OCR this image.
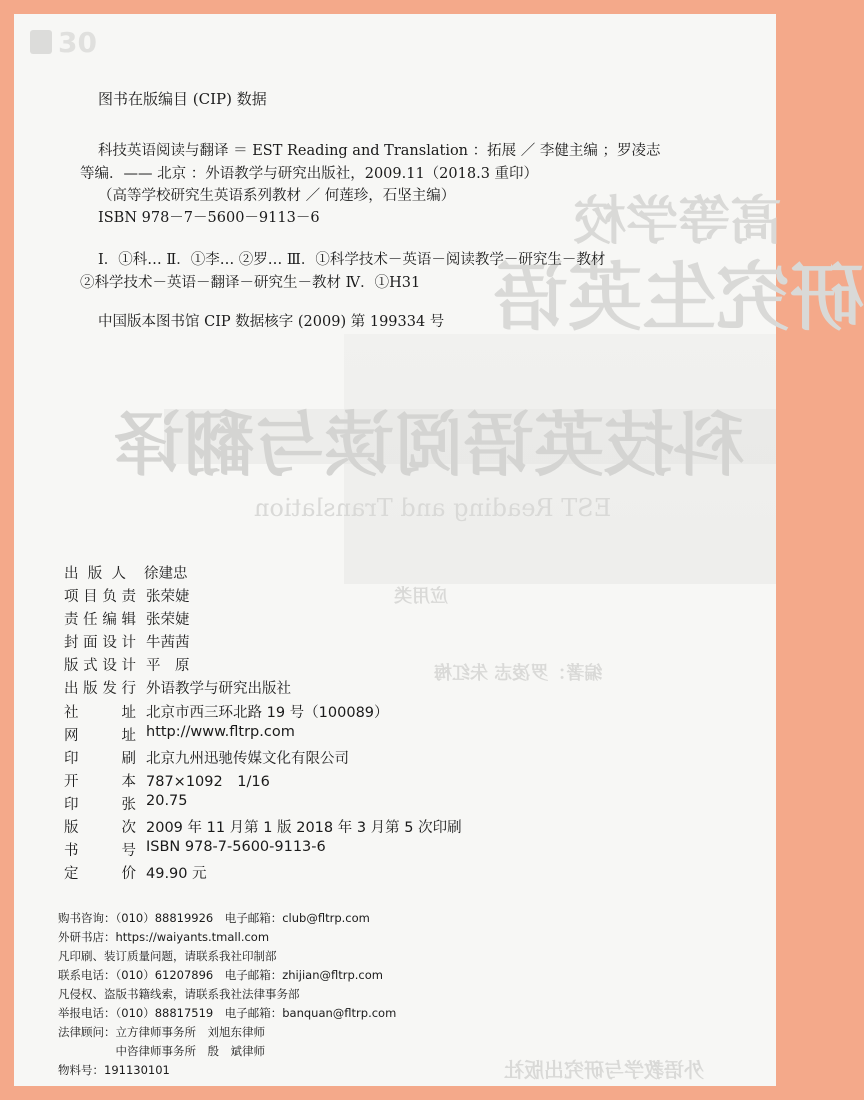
30
高等学校
研究生英语
科技英语阅读与翻译
EST Reading and Translation
编著：罗凌志 朱红梅
应用类
外语教学与研究出版社
图书在版编目 (CIP) 数据
科技英语阅读与翻译 ＝ EST Reading and Translation ：拓展 ／ 李健主编 ；罗凌志
等编．—— 北京 ：外语教学与研究出版社，2009.11（2018.3 重印）
（高等学校研究生英语系列教材 ／ 何莲珍，石坚主编）
ISBN 978－7－5600－9113－6
Ⅰ．①科… Ⅱ．①李… ②罗… Ⅲ．①科学技术－英语－阅读教学－研究生－教材
②科学技术－英语－翻译－研究生－教材 Ⅳ．①H31
中国版本图书馆 CIP 数据核字 (2009) 第 199334 号
出 版 人 徐建忠
项 目 负 责 张荣婕
责 任 编 辑 张荣婕
封 面 设 计 牛茜茜
版 式 设 计 平　原
出 版 发 行 外语教学与研究出版社
社	址 北京市西三环北路 19 号（100089）
网	址 http://www.fltrp.com
印	刷 北京九州迅驰传媒文化有限公司
开	本 787×1092　1/16
印	张 20.75
版	次 2009 年 11 月第 1 版 2018 年 3 月第 5 次印刷
书	号 ISBN 978-7-5600-9113-6
定	价 49.90 元
购书咨询：（010）88819926　电子邮箱：club@fltrp.com
外研书店：https://waiyants.tmall.com
凡印刷、装订质量问题，请联系我社印制部
联系电话：（010）61207896　电子邮箱：zhijian@fltrp.com
凡侵权、盗版书籍线索，请联系我社法律事务部
举报电话：（010）88817519　电子邮箱：banquan@fltrp.com
法律顾问：立方律师事务所　刘旭东律师
　　　　　中咨律师事务所　殷　斌律师
物料号：191130101
